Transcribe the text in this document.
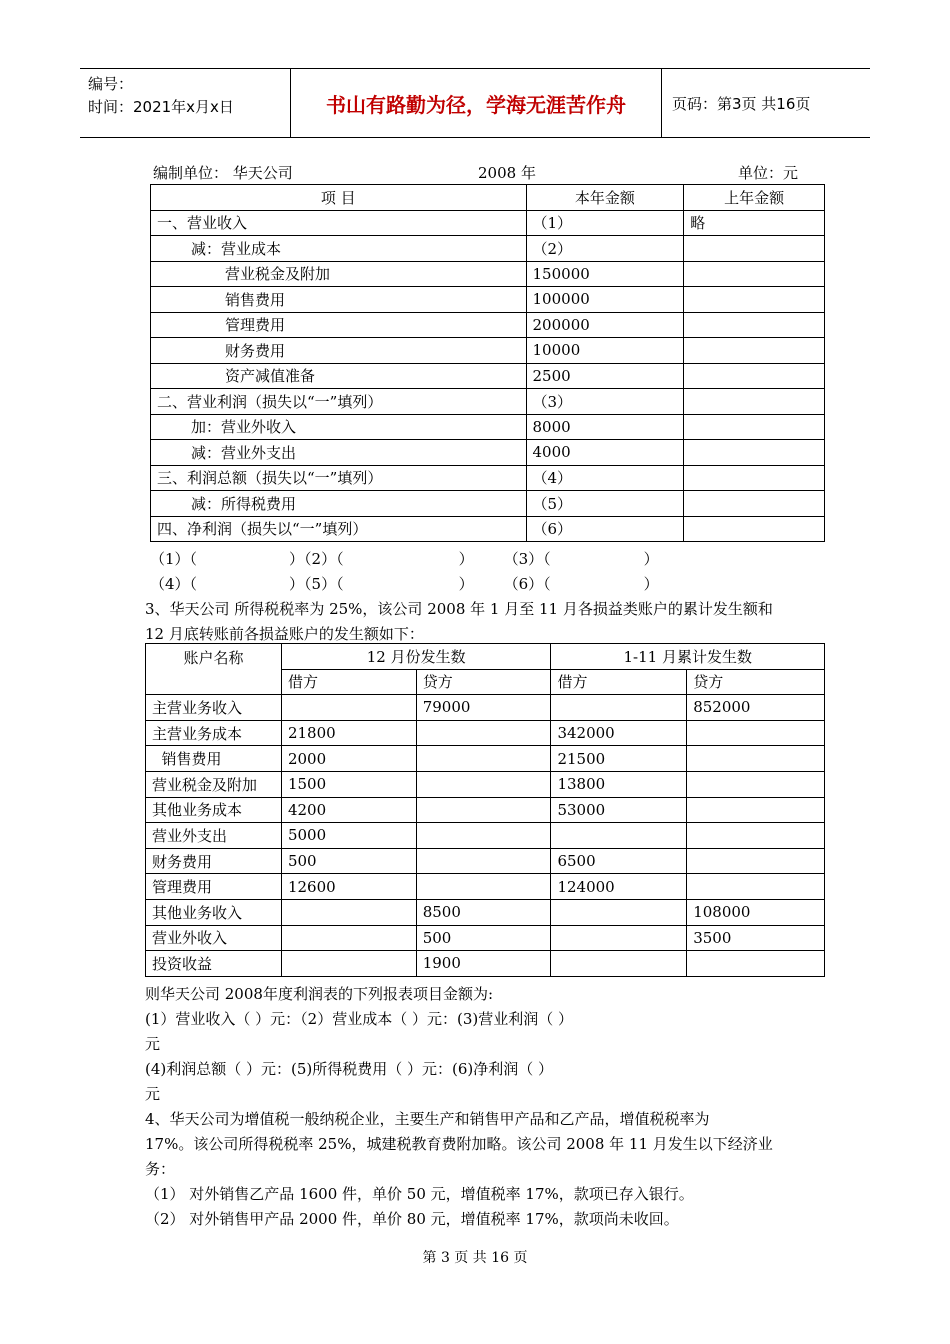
编号：
时间：2021年x月x日	书山有路勤为径，学海无涯苦作舟	页码：第3页 共16页
编制单位： 华天公司	2008 年	单位：元
项 目	本年金额	上年金额
一、营业收入	（1）	略
减：营业成本	（2）	
营业税金及附加	150000	
销售费用	100000	
管理费用	200000	
财务费用	10000	
资产减值准备	2500	
二、营业利润（损失以“一”填列）	（3）	
加：营业外收入	8000	
减：营业外支出	4000	
三、利润总额（损失以“一”填列）	（4）	
减：所得税费用	（5）	
四、净利润（损失以“一”填列）	（6）	
（1）（	）（2）（	） （3）（	）
（4）（	）（5）（	） （6）（	）
3、华天公司 所得税税率为 25%，该公司 2008 年 1 月至 11 月各损益类账户的累计发生额和
12 月底转账前各损益账户的发生额如下：
账户名称	12 月份发生数		1-11 月累计发生数	
	借方	贷方	借方	贷方
主营业务收入		79000		852000
主营业务成本	21800		342000	
销售费用	2000		21500	
营业税金及附加	1500		13800	
其他业务成本	4200		53000	
营业外支出	5000			
财务费用	500		6500	
管理费用	12600		124000	
其他业务收入		8500		108000
营业外收入		500		3500
投资收益		1900		
则华天公司 2008年度利润表的下列报表项目金额为:
(1）营业收入（ ）元：（2）营业成本（ ）元：(3)营业利润（ ）
元
(4)利润总额（ ）元：(5)所得税费用（ ）元：(6)净利润（ ）
元
4、华天公司为增值税一般纳税企业，主要生产和销售甲产品和乙产品，增值税税率为
17%。该公司所得税税率 25%，城建税教育费附加略。该公司 2008 年 11 月发生以下经济业
务：
（1） 对外销售乙产品 1600 件，单价 50 元，增值税率 17%，款项已存入银行。
（2） 对外销售甲产品 2000 件，单价 80 元，增值税率 17%，款项尚未收回。
第 3 页 共 16 页
